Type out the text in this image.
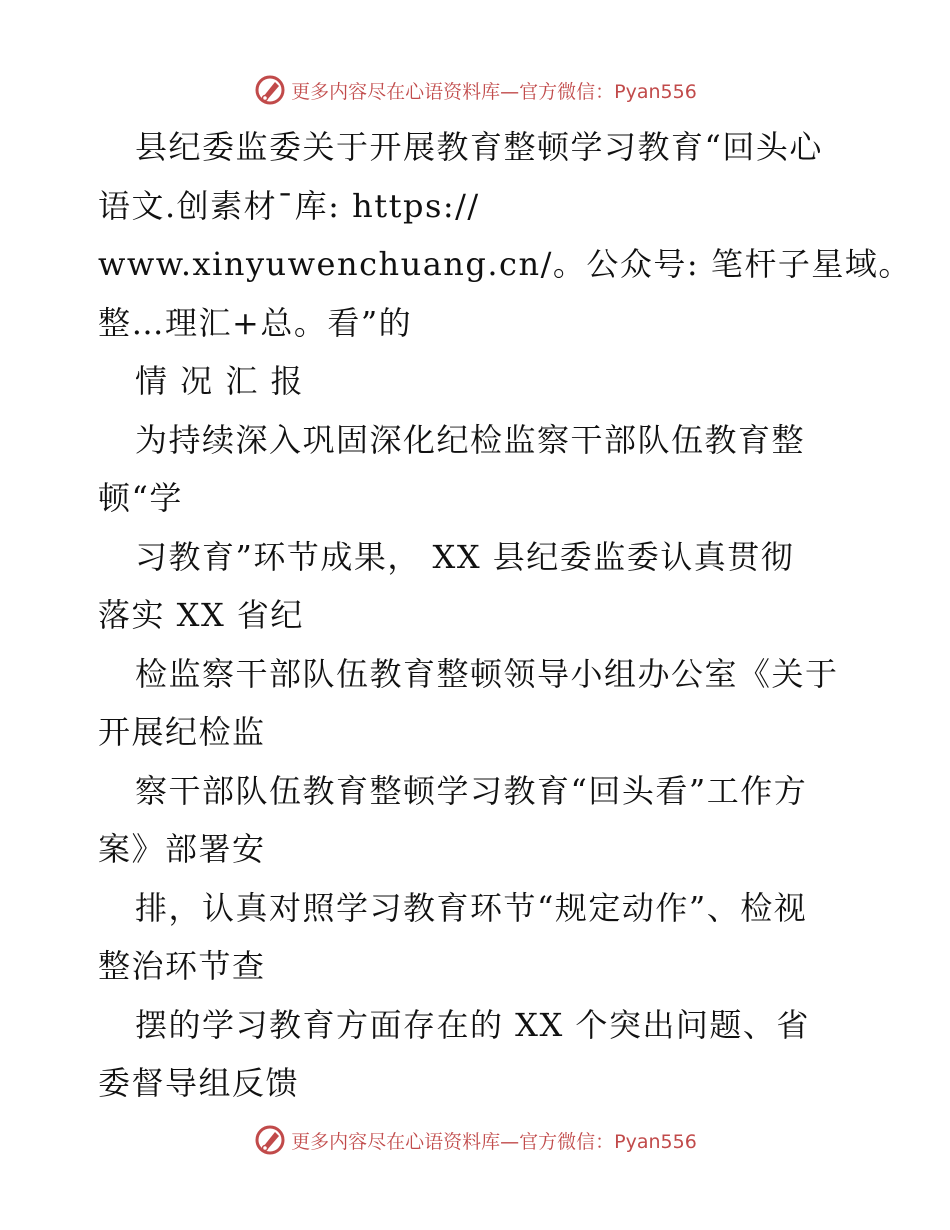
更多内容尽在心语资料库—官方微信：Pyan556
县纪委监委关于开展教育整顿学习教育“回头心
语文.创素材¯库: https://
www.xinyuwenchuang.cn/。公众号: 笔杆子星域。
整…理汇+总。看”的
情 况 汇 报
为持续深入巩固深化纪检监察干部队伍教育整
顿“学
习教育”环节成果， XX 县纪委监委认真贯彻
落实 XX 省纪
检监察干部队伍教育整顿领导小组办公室《关于
开展纪检监
察干部队伍教育整顿学习教育“回头看”工作方
案》部署安
排，认真对照学习教育环节“规定动作”、检视
整治环节查
摆的学习教育方面存在的 XX 个突出问题、省
委督导组反馈
更多内容尽在心语资料库—官方微信：Pyan556
